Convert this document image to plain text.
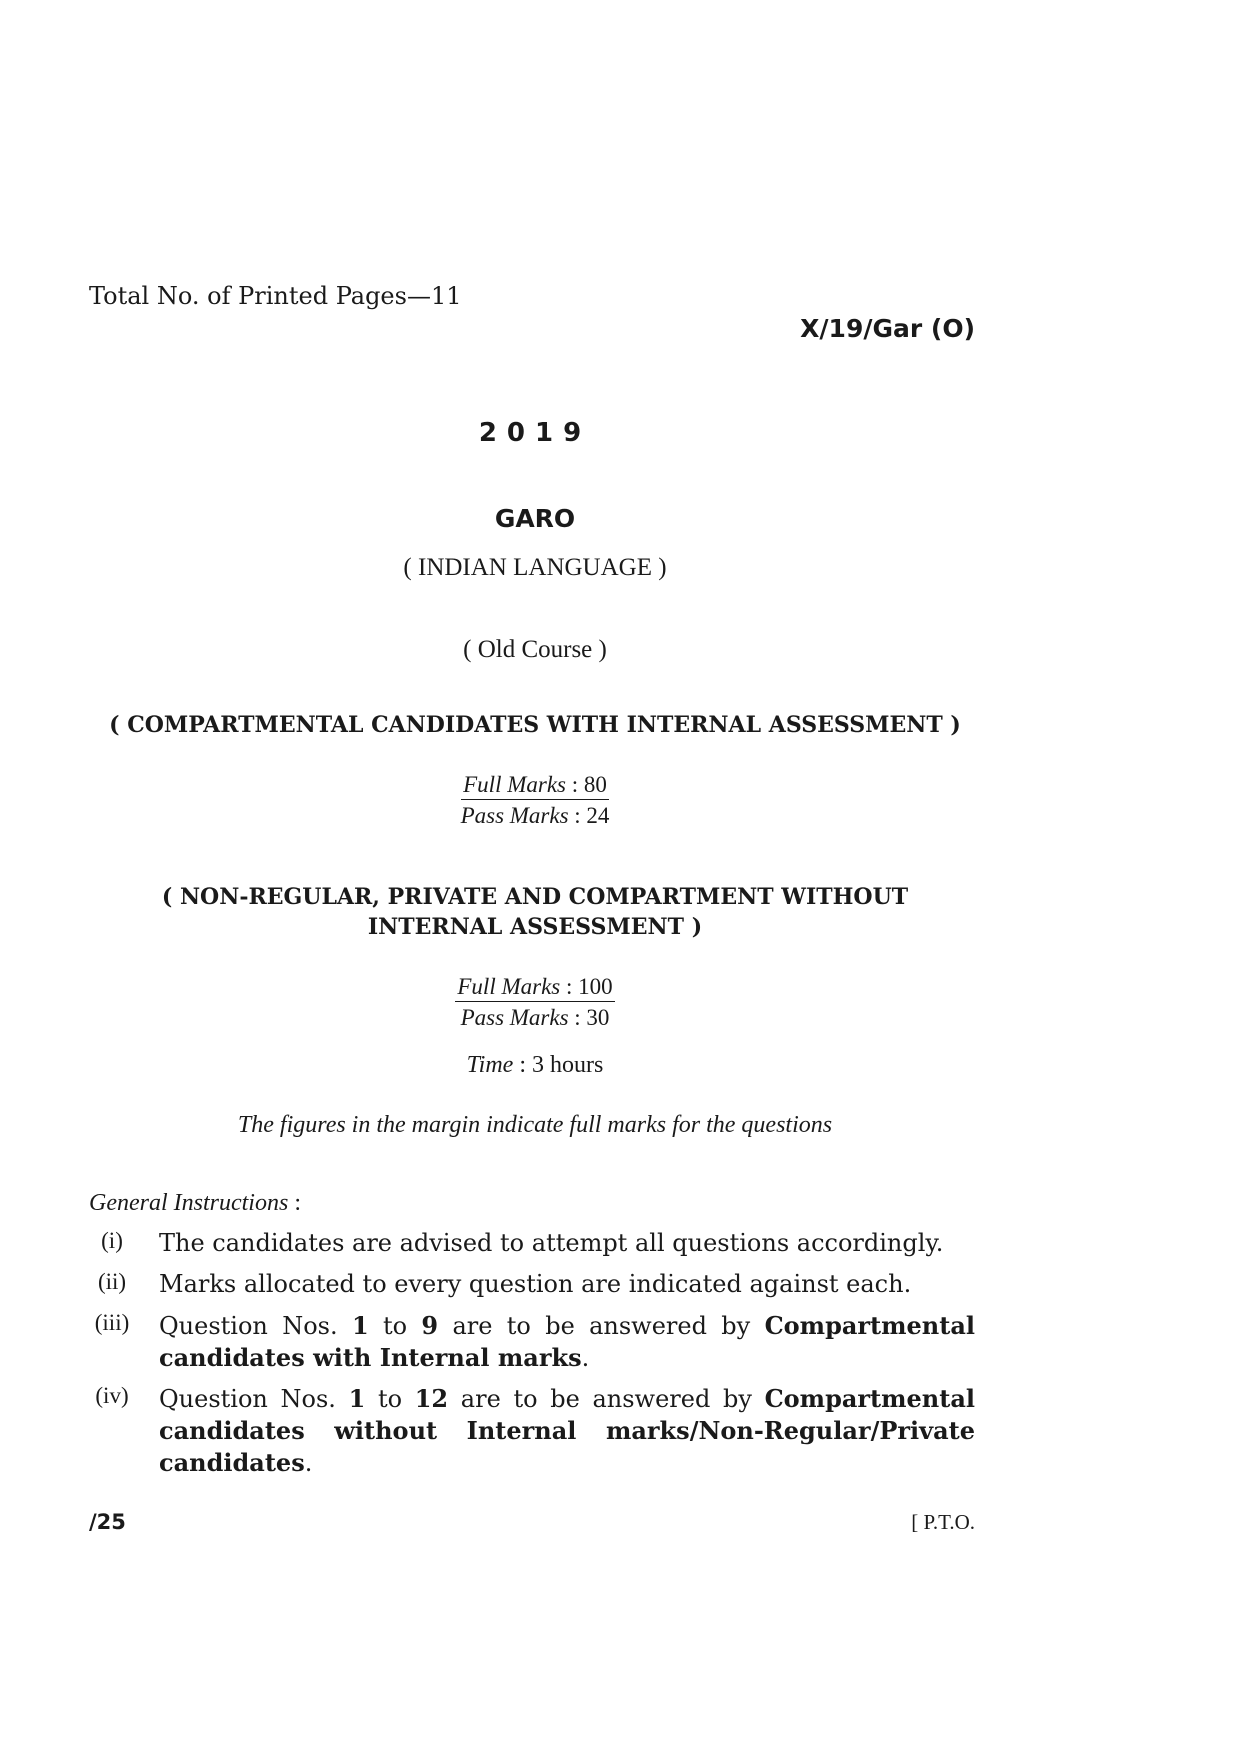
Total No. of Printed Pages—11
X/19/Gar (O)
2019
GARO
( INDIAN LANGUAGE )
( Old Course )
( COMPARTMENTAL CANDIDATES WITH INTERNAL ASSESSMENT )
$\frac{\text{Full Marks : 80}}{\text{Pass Marks : 24}}$
( NON-REGULAR, PRIVATE AND COMPARTMENT WITHOUT
INTERNAL ASSESSMENT )
$\frac{\text{Full Marks : 100}}{\text{Pass Marks : 30}}$
Time : 3 hours
The figures in the margin indicate full marks for the questions
General Instructions :
(i)	The candidates are advised to attempt all questions accordingly.
(ii)	Marks allocated to every question are indicated against each.
(iii) Question Nos. 1 to 9 are to be answered by Compartmental candidates with Internal marks.
(iv) Question Nos. 1 to 12 are to be answered by Compartmental candidates without Internal marks/Non-Regular/Private candidates.
/25	[ P.T.O.
